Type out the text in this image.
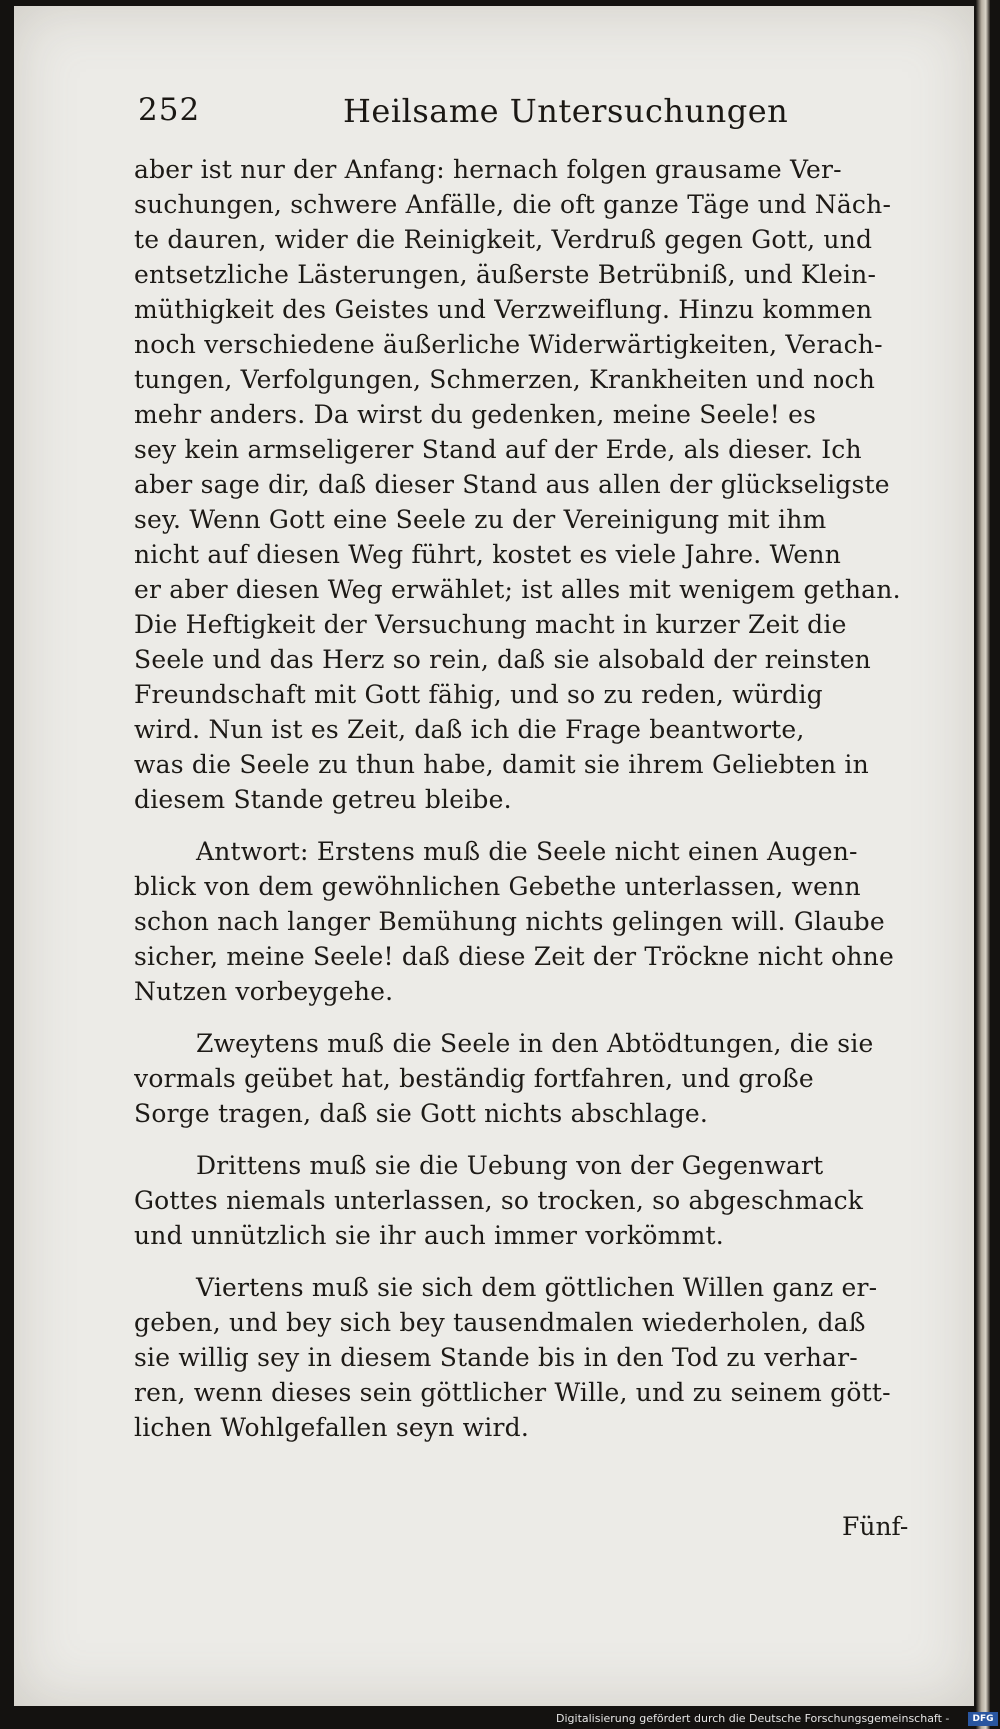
252	Heilsame Untersuchungen
aber ist nur der Anfang: hernach folgen grausame Ver-
suchungen, schwere Anfälle, die oft ganze Täge und Näch-
te dauren, wider die Reinigkeit, Verdruß gegen Gott, und
entsetzliche Lästerungen, äußerste Betrübniß, und Klein-
müthigkeit des Geistes und Verzweiflung. Hinzu kommen
noch verschiedene äußerliche Widerwärtigkeiten, Verach-
tungen, Verfolgungen, Schmerzen, Krankheiten und noch
mehr anders. Da wirst du gedenken, meine Seele! es
sey kein armseligerer Stand auf der Erde, als dieser. Ich
aber sage dir, daß dieser Stand aus allen der glückseligste
sey. Wenn Gott eine Seele zu der Vereinigung mit ihm
nicht auf diesen Weg führt, kostet es viele Jahre. Wenn
er aber diesen Weg erwählet; ist alles mit wenigem gethan.
Die Heftigkeit der Versuchung macht in kurzer Zeit die
Seele und das Herz so rein, daß sie alsobald der reinsten
Freundschaft mit Gott fähig, und so zu reden, würdig
wird. Nun ist es Zeit, daß ich die Frage beantworte,
was die Seele zu thun habe, damit sie ihrem Geliebten in
diesem Stande getreu bleibe.
Antwort: Erstens muß die Seele nicht einen Augen-
blick von dem gewöhnlichen Gebethe unterlassen, wenn
schon nach langer Bemühung nichts gelingen will. Glaube
sicher, meine Seele! daß diese Zeit der Tröckne nicht ohne
Nutzen vorbeygehe.
Zweytens muß die Seele in den Abtödtungen, die sie
vormals geübet hat, beständig fortfahren, und große
Sorge tragen, daß sie Gott nichts abschlage.
Drittens muß sie die Uebung von der Gegenwart
Gottes niemals unterlassen, so trocken, so abgeschmack
und unnützlich sie ihr auch immer vorkömmt.
Viertens muß sie sich dem göttlichen Willen ganz er-
geben, und bey sich bey tausendmalen wiederholen, daß
sie willig sey in diesem Stande bis in den Tod zu verhar-
ren, wenn dieses sein göttlicher Wille, und zu seinem gött-
lichen Wohlgefallen seyn wird.
Fünf-
Digitalisierung gefördert durch die Deutsche Forschungsgemeinschaft -	DFG
